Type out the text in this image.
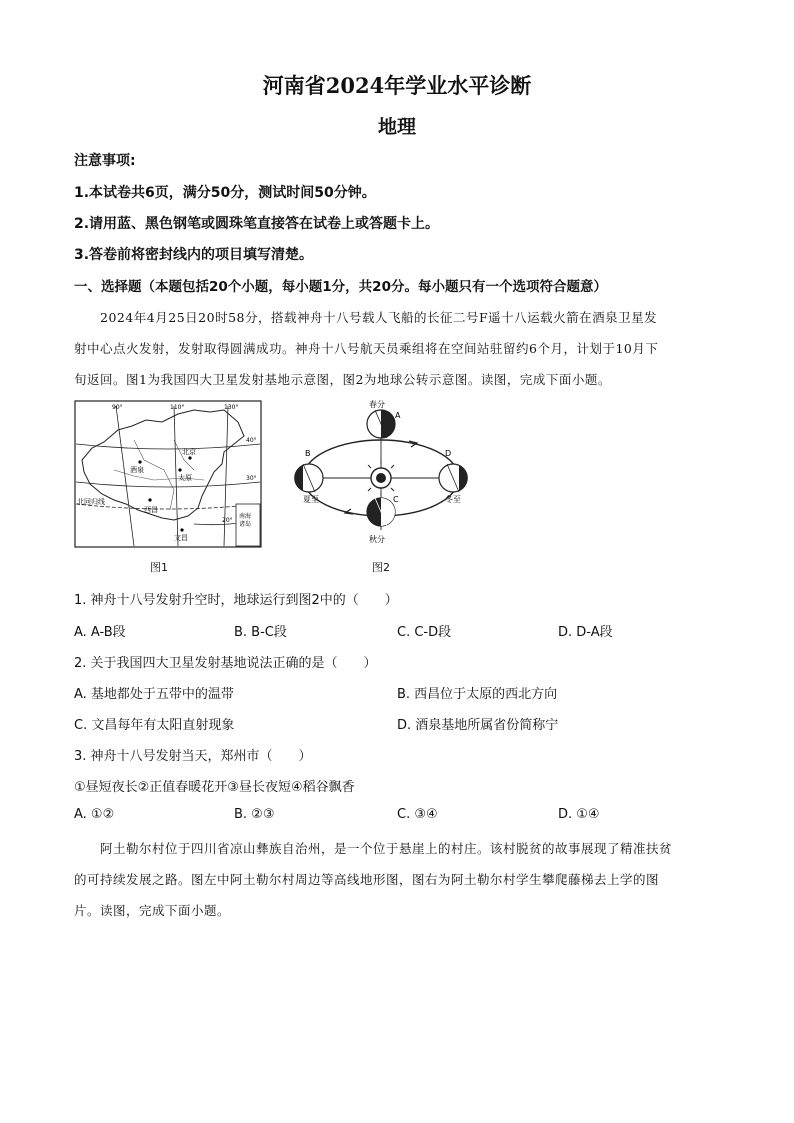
河南省2024年学业水平诊断
地理
注意事项:
1.本试卷共6页，满分50分，测试时间50分钟。
2.请用蓝、黑色钢笔或圆珠笔直接答在试卷上或答题卡上。
3.答卷前将密封线内的项目填写清楚。
一、选择题（本题包括20个小题，每小题1分，共20分。每小题只有一个选项符合题意）
2024年4月25日20时58分，搭载神舟十八号载人飞船的长征二号F遥十八运载火箭在酒泉卫星发
射中心点火发射，发射取得圆满成功。神舟十八号航天员乘组将在空间站驻留约6个月，计划于10月下
旬返回。图1为我国四大卫星发射基地示意图，图2为地球公转示意图。读图，完成下面小题。
90°	110°	130°
40°
30°
20°
北京
酒泉
太原
西昌
文昌
北回归线
南海
诸岛
图1
春分
A
B
夏至	C
秋分
D
冬至
图2
1. 神舟十八号发射升空时，地球运行到图2中的（　　）
A. A-B段	B. B-C段	C. C-D段	D. D-A段
2. 关于我国四大卫星发射基地说法正确的是（　　）
A. 基地都处于五带中的温带	B. 西昌位于太原的西北方向
C. 文昌每年有太阳直射现象	D. 酒泉基地所属省份简称宁
3. 神舟十八号发射当天，郑州市（　　）
①昼短夜长②正值春暖花开③昼长夜短④稻谷飘香
A. ①②	B. ②③	C. ③④	D. ①④
阿土勒尔村位于四川省凉山彝族自治州，是一个位于悬崖上的村庄。该村脱贫的故事展现了精准扶贫
的可持续发展之路。图左中阿土勒尔村周边等高线地形图，图右为阿土勒尔村学生攀爬藤梯去上学的图
片。读图，完成下面小题。
